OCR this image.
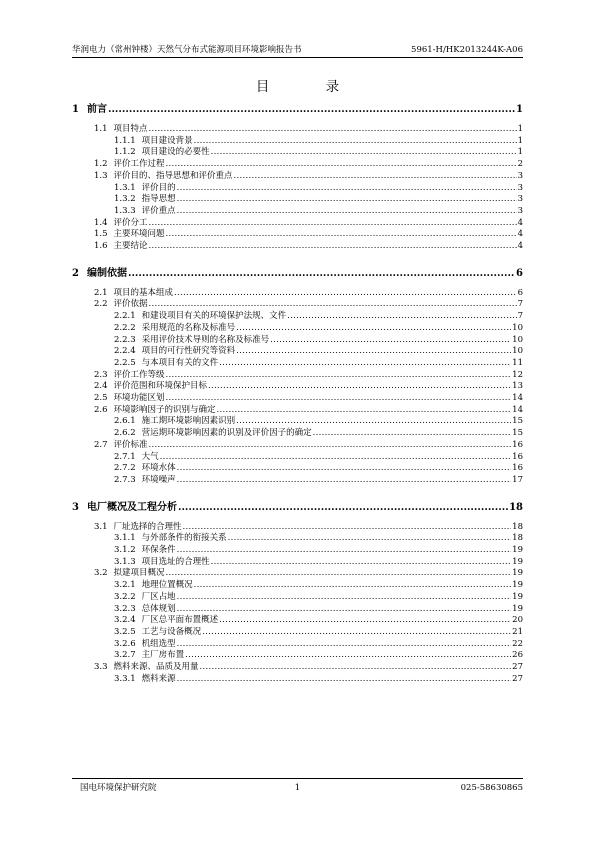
华润电力（常州钟楼）天然气分布式能源项目环境影响报告书	5961-H/HK2013244K-A06
目 录
1 前言 .....	1
1.1 项目特点 .....	1
1.1.1 项目建设背景 .....	1
1.1.2 项目建设的必要性 .....	1
1.2 评价工作过程 .....	2
1.3 评价目的、指导思想和评价重点 .....	3
1.3.1 评价目的 .....	3
1.3.2 指导思想 .....	3
1.3.3 评价重点 .....	3
1.4 评价分工 .....	4
1.5 主要环境问题 .....	4
1.6 主要结论 .....	4
2 编制依据 .....	6
2.1 项目的基本组成 .....	6
2.2 评价依据 .....	7
2.2.1 和建设项目有关的环境保护法规、文件 .....	7
2.2.2 采用规范的名称及标准号 .....	10
2.2.3 采用评价技术导则的名称及标准号 .....	10
2.2.4 项目的可行性研究等资料 .....	10
2.2.5 与本项目有关的文件 .....	11
2.3 评价工作等级 .....	12
2.4 评价范围和环境保护目标 .....	13
2.5 环境功能区划 .....	14
2.6 环境影响因子的识别与确定 .....	14
2.6.1 施工期环境影响因素识别 .....	15
2.6.2 营运期环境影响因素的识别及评价因子的确定 .....	15
2.7 评价标准 .....	16
2.7.1 大气 .....	16
2.7.2 环境水体 .....	16
2.7.3 环境噪声 .....	17
3 电厂概况及工程分析 .....	18
3.1 厂址选择的合理性 .....	18
3.1.1 与外部条件的衔接关系 .....	18
3.1.2 环保条件 .....	19
3.1.3 项目选址的合理性 .....	19
3.2 拟建项目概况 .....	19
3.2.1 地理位置概况 .....	19
3.2.2 厂区占地 .....	19
3.2.3 总体规划 .....	19
3.2.4 厂区总平面布置概述 .....	20
3.2.5 工艺与设备概况 .....	21
3.2.6 机组选型 .....	22
3.2.7 主厂房布置 .....	26
3.3 燃料来源、品质及用量 .....	27
3.3.1 燃料来源 .....	27
国电环境保护研究院	1	025-58630865
